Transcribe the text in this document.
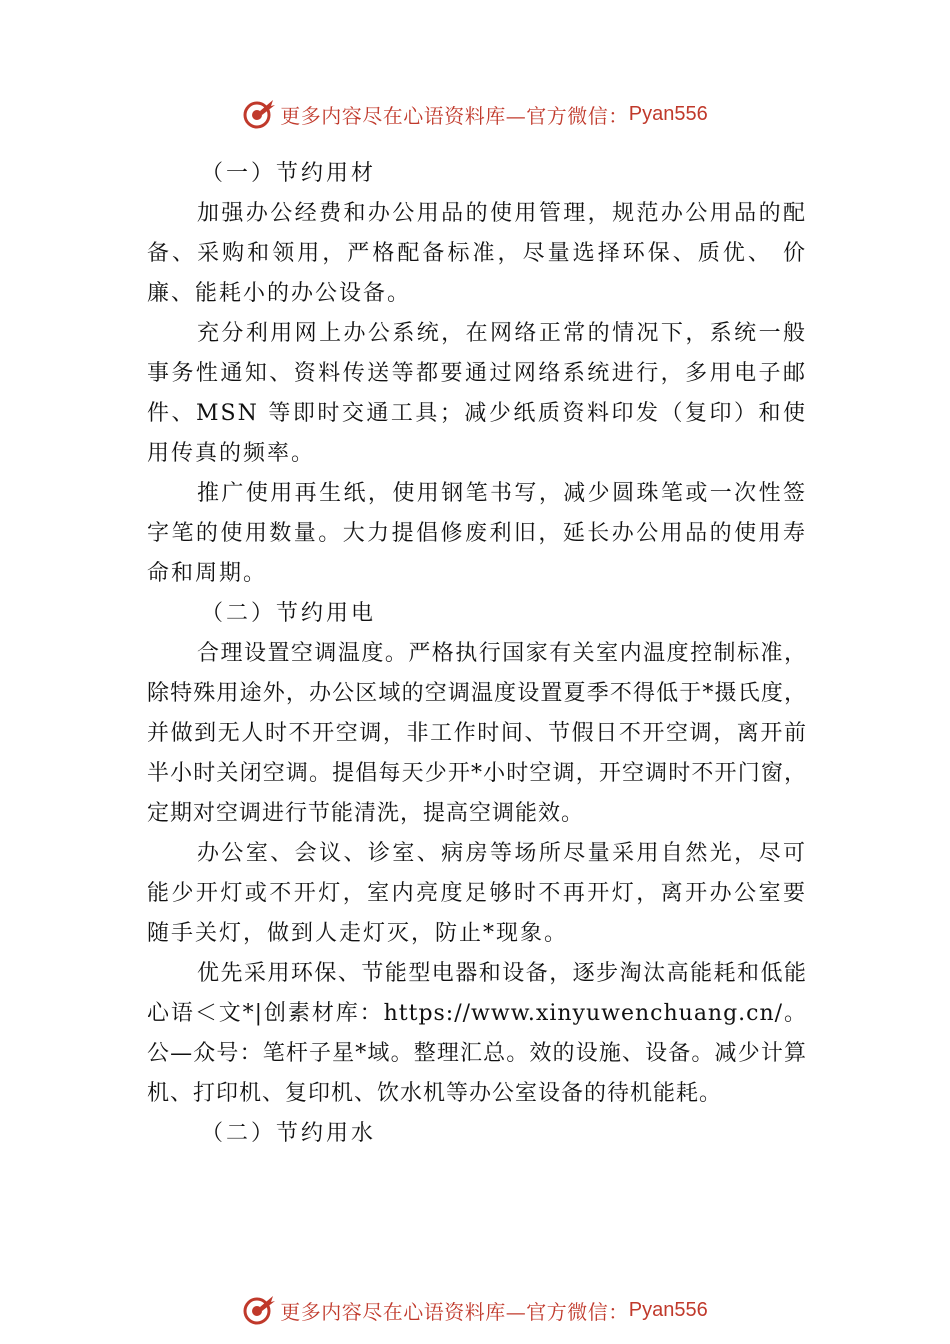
更多内容尽在心语资料库—官方微信： Pyan556
（一）节约用材
加强办公经费和办公用品的使用管理，规范办公用品的配备、采购和领用，严格配备标准，尽量选择环保、质优、 价廉、能耗小的办公设备。
充分利用网上办公系统，在网络正常的情况下，系统一般事务性通知、资料传送等都要通过网络系统进行，多用电子邮件、MSN 等即时交通工具；减少纸质资料印发（复印）和使用传真的频率。
推广使用再生纸，使用钢笔书写，减少圆珠笔或一次性签字笔的使用数量。大力提倡修废利旧，延长办公用品的使用寿命和周期。
（二）节约用电
合理设置空调温度。严格执行国家有关室内温度控制标准，除特殊用途外，办公区域的空调温度设置夏季不得低于*摄氏度，并做到无人时不开空调，非工作时间、节假日不开空调，离开前半小时关闭空调。提倡每天少开*小时空调，开空调时不开门窗，定期对空调进行节能清洗，提高空调能效。
办公室、会议、诊室、病房等场所尽量采用自然光，尽可能少开灯或不开灯，室内亮度足够时不再开灯，离开办公室要随手关灯，做到人走灯灭，防止*现象。
优先采用环保、节能型电器和设备，逐步淘汰高能耗和低能心语＜文*|创素材库：https://www.xinyuwenchuang.cn/。公—众号：笔杆子星*域。整理汇总。效的设施、设备。减少计算机、打印机、复印机、饮水机等办公室设备的待机能耗。
（二）节约用水
更多内容尽在心语资料库—官方微信： Pyan556
